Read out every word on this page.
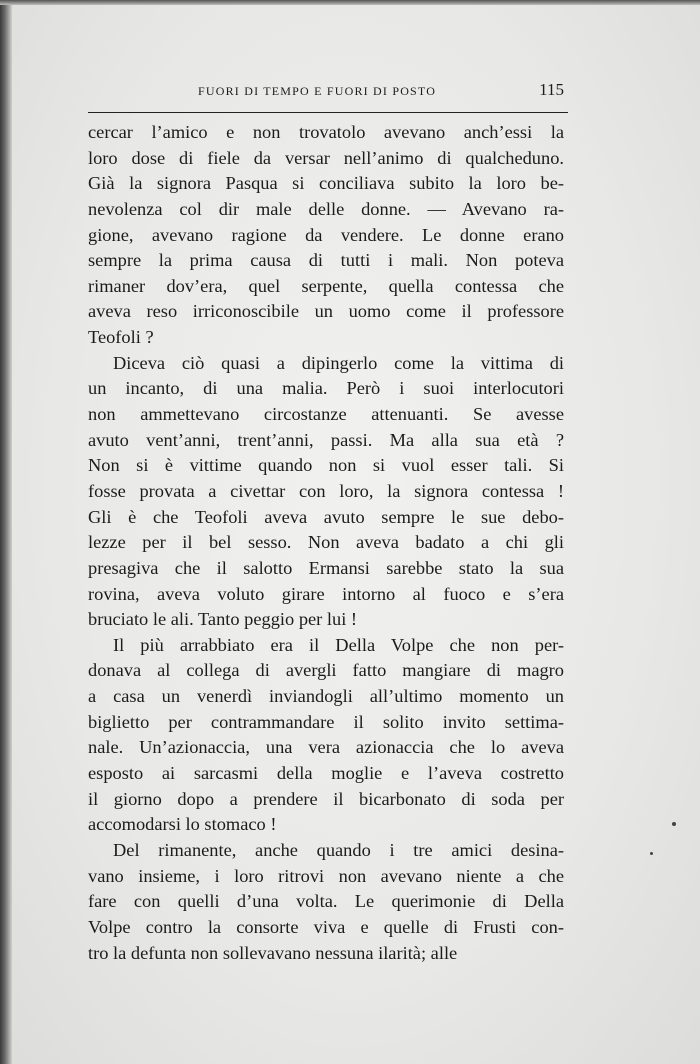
FUORI DI TEMPO E FUORI DI POSTO	115
cercar l’amico e non trovatolo avevano anch’essi la
loro dose di fiele da versar nell’animo di qualcheduno.
Già la signora Pasqua si conciliava subito la loro be-
nevolenza col dir male delle donne. — Avevano ra-
gione, avevano ragione da vendere. Le donne erano
sempre la prima causa di tutti i mali. Non poteva
rimaner dov’era, quel serpente, quella contessa che
aveva reso irriconoscibile un uomo come il professore
Teofoli ?
Diceva ciò quasi a dipingerlo come la vittima di
un incanto, di una malia. Però i suoi interlocutori
non ammettevano circostanze attenuanti. Se avesse
avuto vent’anni, trent’anni, passi. Ma alla sua età ?
Non si è vittime quando non si vuol esser tali. Si
fosse provata a civettar con loro, la signora contessa !
Gli è che Teofoli aveva avuto sempre le sue debo-
lezze per il bel sesso. Non aveva badato a chi gli
presagiva che il salotto Ermansi sarebbe stato la sua
rovina, aveva voluto girare intorno al fuoco e s’era
bruciato le ali. Tanto peggio per lui !
Il più arrabbiato era il Della Volpe che non per-
donava al collega di avergli fatto mangiare di magro
a casa un venerdì inviandogli all’ultimo momento un
biglietto per contrammandare il solito invito settima-
nale. Un’azionaccia, una vera azionaccia che lo aveva
esposto ai sarcasmi della moglie e l’aveva costretto
il giorno dopo a prendere il bicarbonato di soda per
accomodarsi lo stomaco !
Del rimanente, anche quando i tre amici desina-
vano insieme, i loro ritrovi non avevano niente a che
fare con quelli d’una volta. Le querimonie di Della
Volpe contro la consorte viva e quelle di Frusti con-
tro la defunta non sollevavano nessuna ilarità; alle
